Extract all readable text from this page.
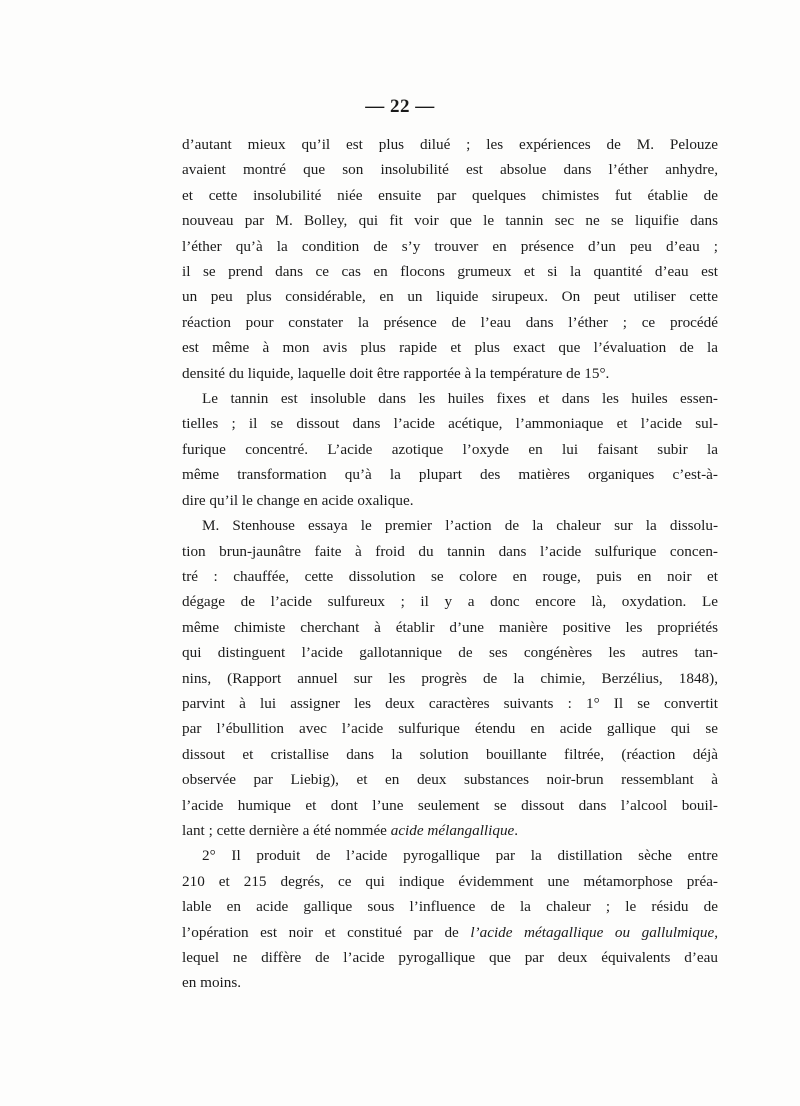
— 22 —

d’autant mieux qu’il est plus dilué ; les expériences de M. Pelouze
avaient montré que son insolubilité est absolue dans l’éther anhydre,
et cette insolubilité niée ensuite par quelques chimistes fut établie de
nouveau par M. Bolley, qui fit voir que le tannin sec ne se liquifie dans
l’éther qu’à la condition de s’y trouver en présence d’un peu d’eau ;
il se prend dans ce cas en flocons grumeux et si la quantité d’eau est
un peu plus considérable, en un liquide sirupeux. On peut utiliser cette
réaction pour constater la présence de l’eau dans l’éther ; ce procédé
est même à mon avis plus rapide et plus exact que l’évaluation de la
densité du liquide, laquelle doit être rapportée à la température de 15°.

Le tannin est insoluble dans les huiles fixes et dans les huiles essen-
tielles ; il se dissout dans l’acide acétique, l’ammoniaque et l’acide sul-
furique concentré. L’acide azotique l’oxyde en lui faisant subir la
même transformation qu’à la plupart des matières organiques c’est-à-
dire qu’il le change en acide oxalique.

M. Stenhouse essaya le premier l’action de la chaleur sur la dissolu-
tion brun-jaunâtre faite à froid du tannin dans l’acide sulfurique concen-
tré : chauffée, cette dissolution se colore en rouge, puis en noir et
dégage de l’acide sulfureux ; il y a donc encore là, oxydation. Le
même chimiste cherchant à établir d’une manière positive les propriétés
qui distinguent l’acide gallotannique de ses congénères les autres tan-
nins, (Rapport annuel sur les progrès de la chimie, Berzélius, 1848),
parvint à lui assigner les deux caractères suivants : 1° Il se convertit
par l’ébullition avec l’acide sulfurique étendu en acide gallique qui se
dissout et cristallise dans la solution bouillante filtrée, (réaction déjà
observée par Liebig), et en deux substances noir-brun ressemblant à
l’acide humique et dont l’une seulement se dissout dans l’alcool bouil-
lant ; cette dernière a été nommée acide mélangallique.

2° Il produit de l’acide pyrogallique par la distillation sèche entre
210 et 215 degrés, ce qui indique évidemment une métamorphose préa-
lable en acide gallique sous l’influence de la chaleur ; le résidu de
l’opération est noir et constitué par de l’acide métagallique ou gallulmique,
lequel ne diffère de l’acide pyrogallique que par deux équivalents d’eau
en moins.
